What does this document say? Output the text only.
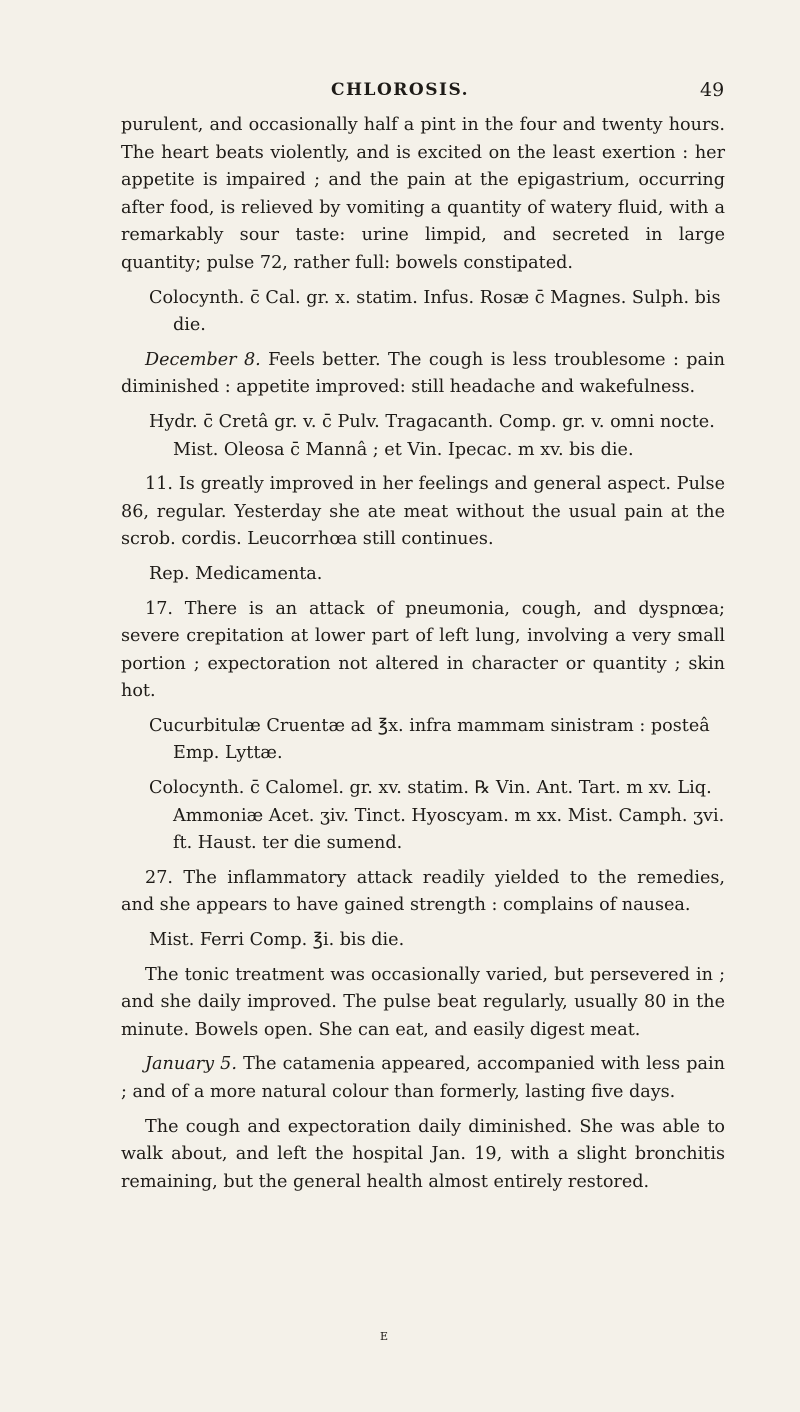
CHLOROSIS.	49

purulent, and occasionally half a pint in the four and twenty hours. The heart beats violently, and is excited on the least exertion : her appetite is impaired ; and the pain at the epigastrium, occurring after food, is relieved by vomiting a quantity of watery fluid, with a remarkably sour taste: urine limpid, and secreted in large quantity; pulse 72, rather full: bowels constipated.

Colocynth. c̄ Cal. gr. x. statim. Infus. Rosæ c̄ Magnes. Sulph. bis die.

December 8. Feels better. The cough is less troublesome : pain diminished : appetite improved: still headache and wakefulness.

Hydr. c̄ Cretâ gr. v. c̄ Pulv. Tragacanth. Comp. gr. v. omni nocte. Mist. Oleosa c̄ Mannâ ; et Vin. Ipecac. m xv. bis die.

11. Is greatly improved in her feelings and general aspect. Pulse 86, regular. Yesterday she ate meat without the usual pain at the scrob. cordis. Leucorrhœa still continues.

Rep. Medicamenta.

17. There is an attack of pneumonia, cough, and dyspnœa; severe crepitation at lower part of left lung, involving a very small portion ; expectoration not altered in character or quantity ; skin hot.

Cucurbitulæ Cruentæ ad ℥x. infra mammam sinistram : posteâ Emp. Lyttæ.

Colocynth. c̄ Calomel. gr. xv. statim. ℞ Vin. Ant. Tart. m xv. Liq. Ammoniæ Acet. ʒiv. Tinct. Hyoscyam. m xx. Mist. Camph. ʒvi. ft. Haust. ter die sumend.

27. The inflammatory attack readily yielded to the remedies, and she appears to have gained strength : complains of nausea.

Mist. Ferri Comp. ℥i. bis die.

The tonic treatment was occasionally varied, but persevered in ; and she daily improved. The pulse beat regularly, usually 80 in the minute. Bowels open. She can eat, and easily digest meat.

January 5. The catamenia appeared, accompanied with less pain ; and of a more natural colour than formerly, lasting five days.

The cough and expectoration daily diminished. She was able to walk about, and left the hospital Jan. 19, with a slight bronchitis remaining, but the general health almost entirely restored.

E
